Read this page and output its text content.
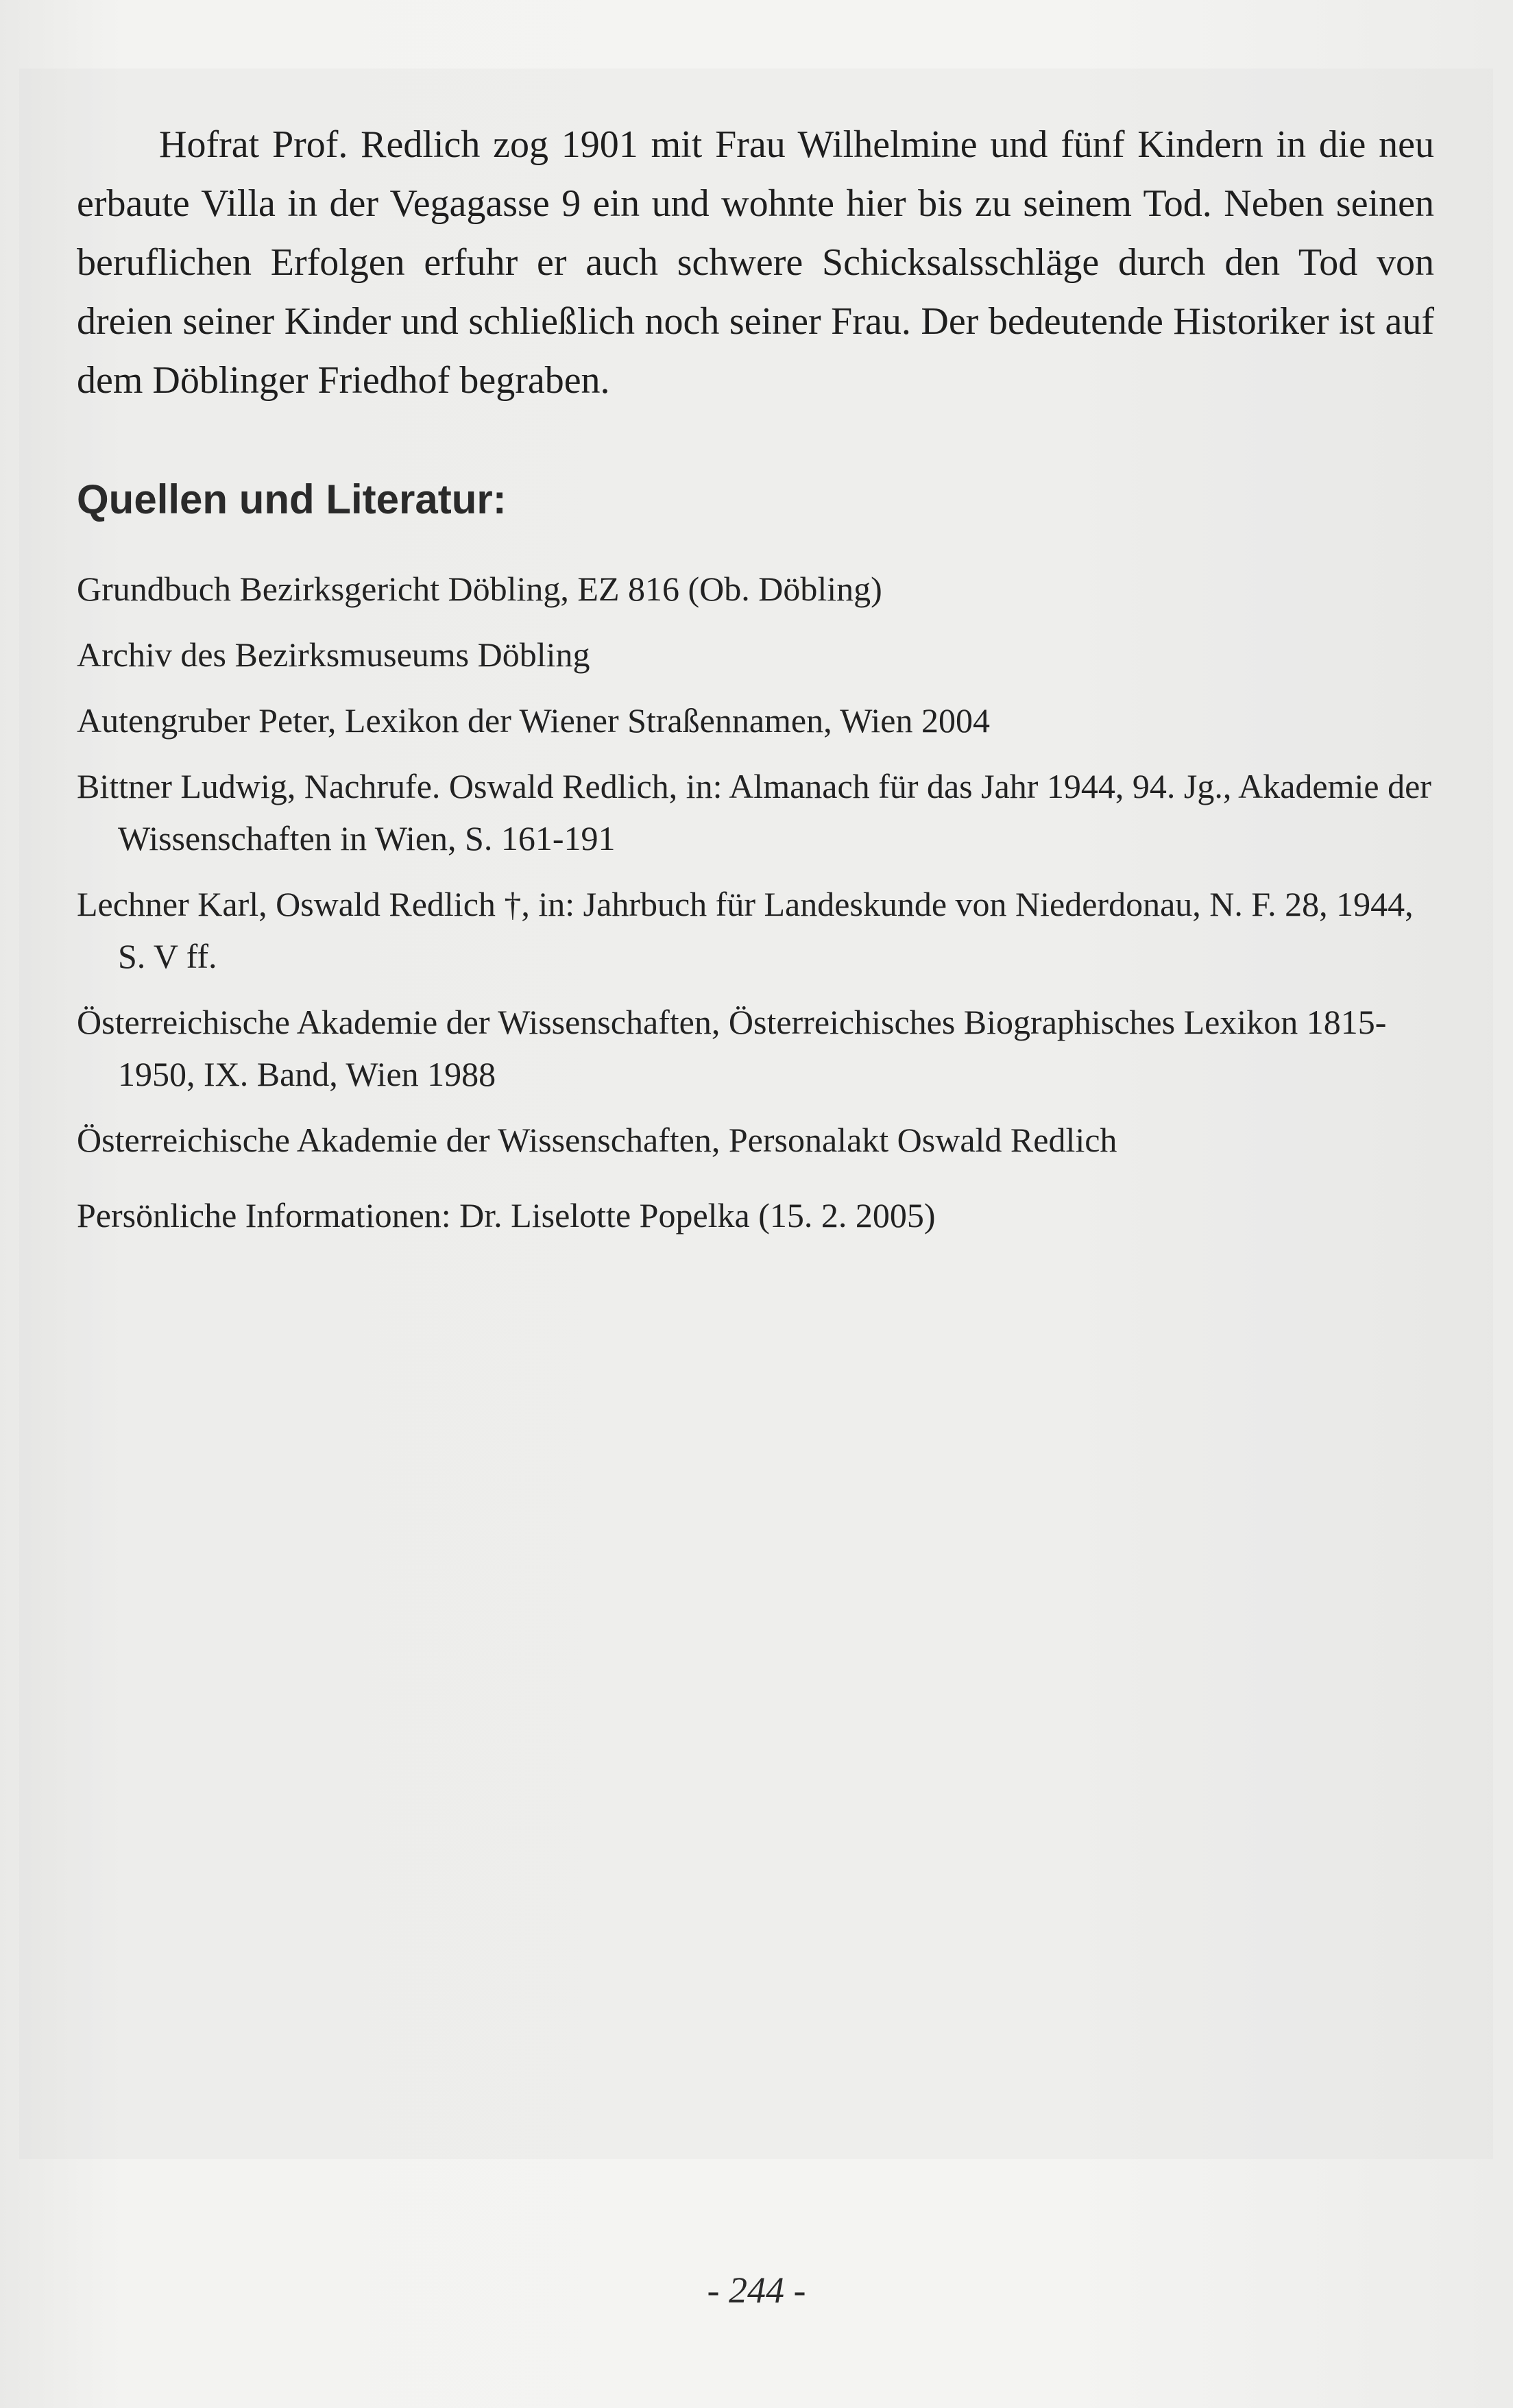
Hofrat Prof. Redlich zog 1901 mit Frau Wilhelmine und fünf Kindern in die neu erbaute Villa in der Vegagasse 9 ein und wohnte hier bis zu seinem Tod. Neben seinen beruflichen Erfolgen erfuhr er auch schwere Schicksalsschläge durch den Tod von dreien seiner Kinder und schließlich noch seiner Frau. Der bedeutende Historiker ist auf dem Döblinger Friedhof begraben.

Quellen und Literatur:
Grundbuch Bezirksgericht Döbling, EZ 816 (Ob. Döbling)
Archiv des Bezirksmuseums Döbling
Autengruber Peter, Lexikon der Wiener Straßennamen, Wien 2004
Bittner Ludwig, Nachrufe. Oswald Redlich, in: Almanach für das Jahr 1944, 94. Jg., Akademie der Wissenschaften in Wien, S. 161-191
Lechner Karl, Oswald Redlich †, in: Jahrbuch für Landeskunde von Niederdonau, N. F. 28, 1944, S. V ff.
Österreichische Akademie der Wissenschaften, Österreichisches Biographisches Lexikon 1815-1950, IX. Band, Wien 1988
Österreichische Akademie der Wissenschaften, Personalakt Oswald Redlich
Persönliche Informationen: Dr. Liselotte Popelka (15. 2. 2005)
- 244 -
